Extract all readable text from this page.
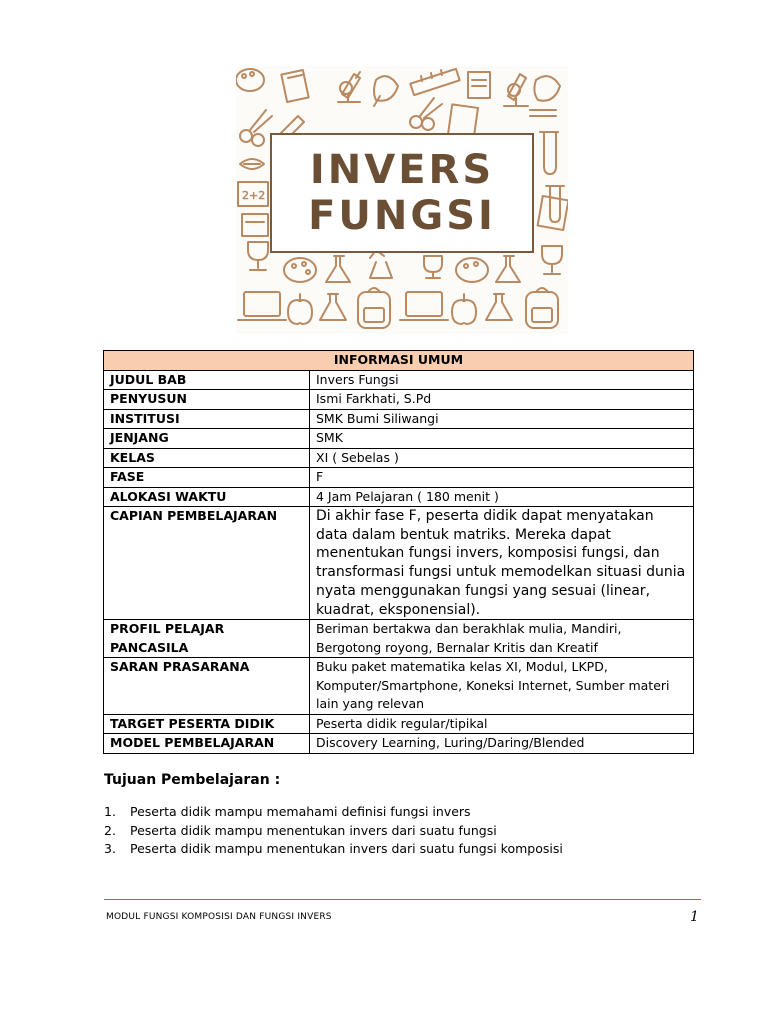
2+2
INVERS
FUNGSI
INFORMASI UMUM	
JUDUL BAB	Invers Fungsi
PENYUSUN	Ismi Farkhati, S.Pd
INSTITUSI	SMK Bumi Siliwangi
JENJANG	SMK
KELAS	XI ( Sebelas )
FASE	F
ALOKASI WAKTU	4 Jam Pelajaran ( 180 menit )
CAPIAN PEMBELAJARAN	Di akhir fase F, peserta didik dapat menyatakan data dalam bentuk matriks. Mereka dapat menentukan fungsi invers, komposisi fungsi, dan transformasi fungsi untuk memodelkan situasi dunia nyata menggunakan fungsi yang sesuai (linear, kuadrat, eksponensial).
PROFIL PELAJAR PANCASILA	Beriman bertakwa dan berakhlak mulia, Mandiri, Bergotong royong, Bernalar Kritis dan Kreatif
SARAN PRASARANA	Buku paket matematika kelas XI, Modul, LKPD, Komputer/Smartphone, Koneksi Internet, Sumber materi lain yang relevan
TARGET PESERTA DIDIK	Peserta didik regular/tipikal
MODEL PEMBELAJARAN	Discovery Learning, Luring/Daring/Blended
Tujuan Pembelajaran :
1. Peserta didik mampu memahami definisi fungsi invers
2. Peserta didik mampu menentukan invers dari suatu fungsi
3. Peserta didik mampu menentukan invers dari suatu fungsi komposisi
MODUL FUNGSI KOMPOSISI DAN FUNGSI INVERS	1
